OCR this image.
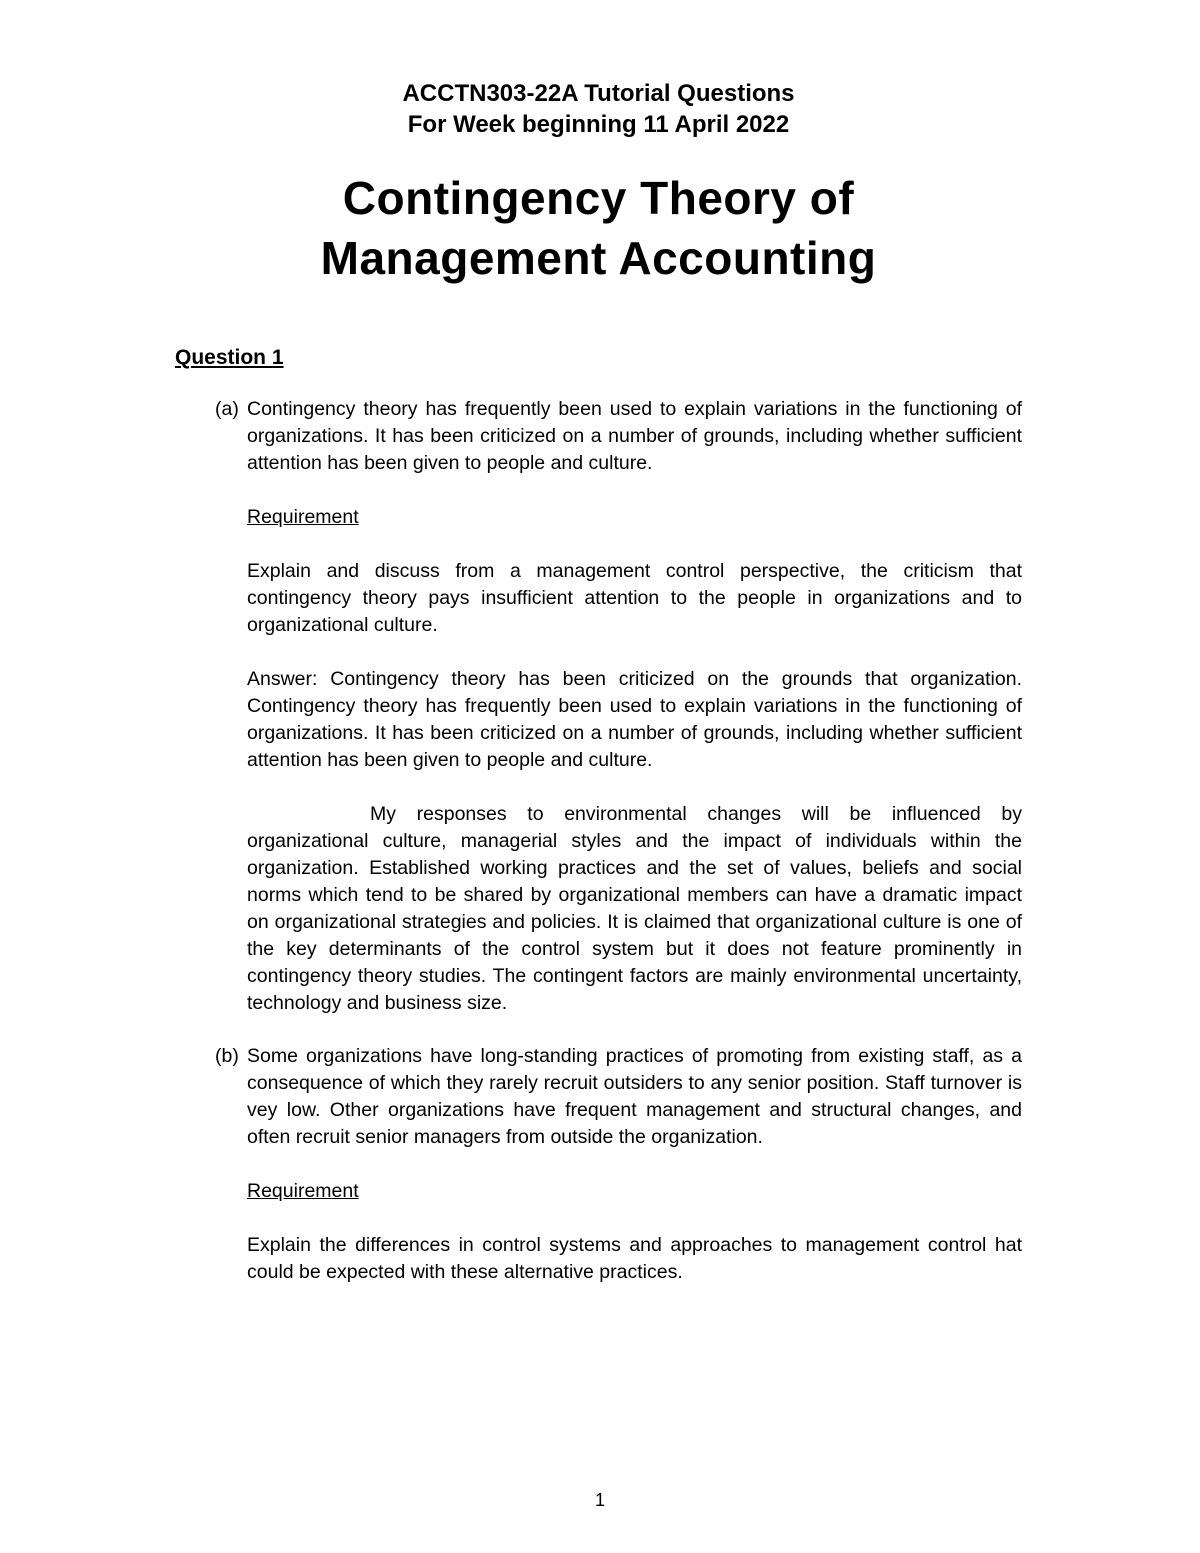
ACCTN303-22A Tutorial Questions
For Week beginning 11 April 2022
Contingency Theory of
Management Accounting
Question 1
(a) Contingency theory has frequently been used to explain variations in the functioning of organizations. It has been criticized on a number of grounds, including whether sufficient attention has been given to people and culture.

Requirement

Explain and discuss from a management control perspective, the criticism that contingency theory pays insufficient attention to the people in organizations and to organizational culture.

Answer: Contingency theory has been criticized on the grounds that organization. Contingency theory has frequently been used to explain variations in the functioning of organizations. It has been criticized on a number of grounds, including whether sufficient attention has been given to people and culture.

My responses to environmental changes will be influenced by organizational culture, managerial styles and the impact of individuals within the organization. Established working practices and the set of values, beliefs and social norms which tend to be shared by organizational members can have a dramatic impact on organizational strategies and policies. It is claimed that organizational culture is one of the key determinants of the control system but it does not feature prominently in contingency theory studies. The contingent factors are mainly environmental uncertainty, technology and business size.

(b) Some organizations have long-standing practices of promoting from existing staff, as a consequence of which they rarely recruit outsiders to any senior position. Staff turnover is vey low. Other organizations have frequent management and structural changes, and often recruit senior managers from outside the organization.

Requirement

Explain the differences in control systems and approaches to management control hat could be expected with these alternative practices.

1
